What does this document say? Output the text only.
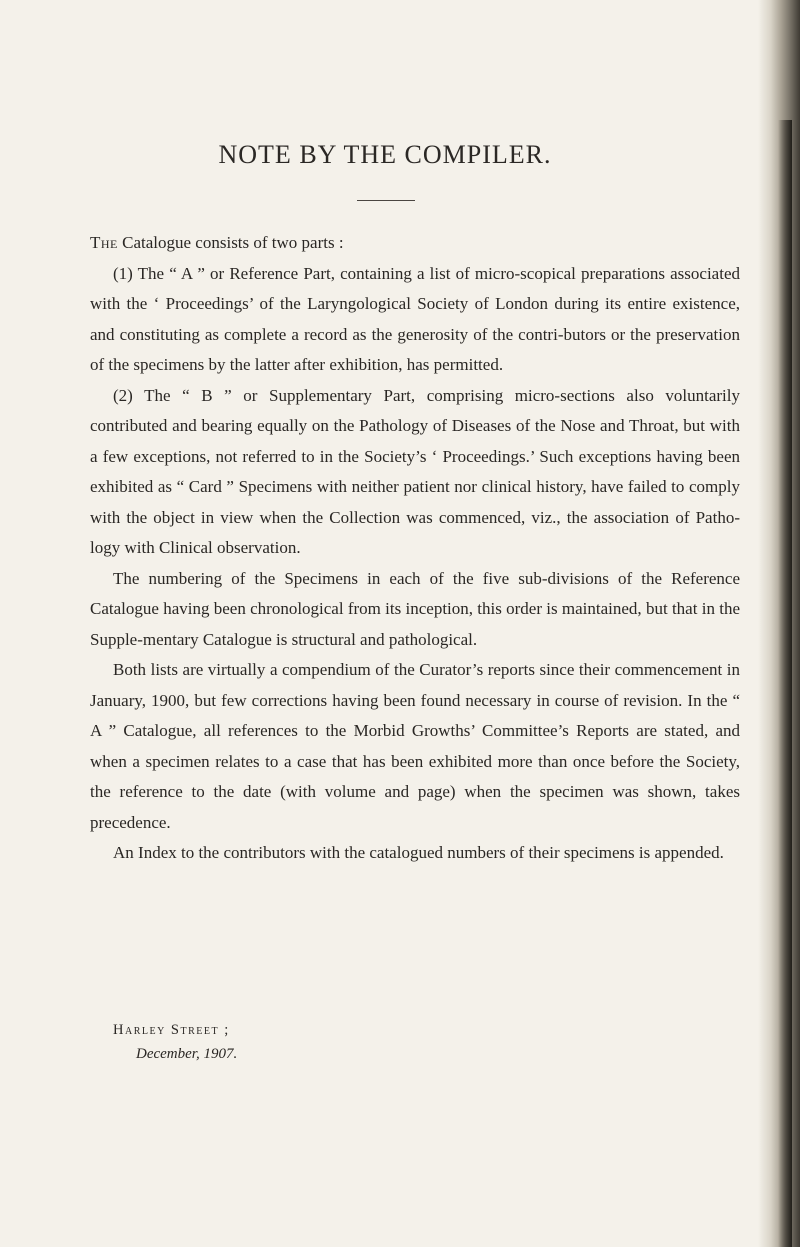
NOTE BY THE COMPILER.

The Catalogue consists of two parts :

(1) The “ A ” or Reference Part, containing a list of micro-scopical preparations associated with the ‘ Proceedings’ of the Laryngological Society of London during its entire existence, and constituting as complete a record as the generosity of the contri-butors or the preservation of the specimens by the latter after exhibition, has permitted.

(2) The “ B ” or Supplementary Part, comprising micro-sections also voluntarily contributed and bearing equally on the Pathology of Diseases of the Nose and Throat, but with a few exceptions, not referred to in the Society’s ‘ Proceedings.’ Such exceptions having been exhibited as “ Card ” Specimens with neither patient nor clinical history, have failed to comply with the object in view when the Collection was commenced, viz., the association of Patho-logy with Clinical observation.

The numbering of the Specimens in each of the five sub-divisions of the Reference Catalogue having been chronological from its inception, this order is maintained, but that in the Supple-mentary Catalogue is structural and pathological.

Both lists are virtually a compendium of the Curator’s reports since their commencement in January, 1900, but few corrections having been found necessary in course of revision. In the “ A ” Catalogue, all references to the Morbid Growths’ Committee’s Reports are stated, and when a specimen relates to a case that has been exhibited more than once before the Society, the reference to the date (with volume and page) when the specimen was shown, takes precedence.

An Index to the contributors with the catalogued numbers of their specimens is appended.

Harley Street ;
December, 1907.
